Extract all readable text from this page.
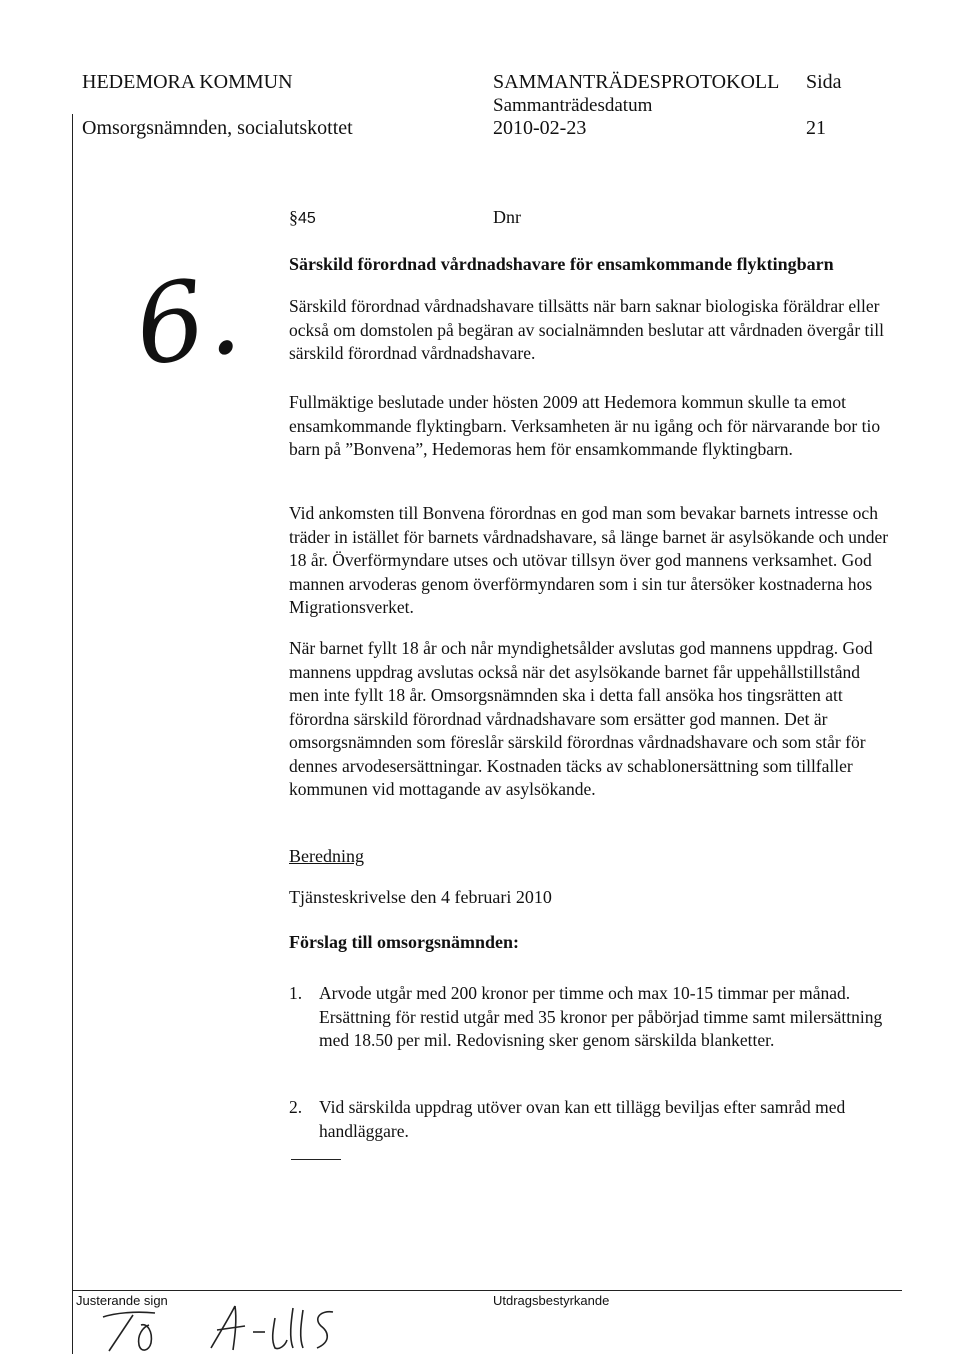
HEDEMORA KOMMUN
Omsorgsnämnden, socialutskottet
SAMMANTRÄDESPROTOKOLL
Sammanträdesdatum
2010-02-23
Sida
21
§45	Dnr
Särskild förordnad vårdnadshavare för ensamkommande flyktingbarn
6. Särskild förordnad vårdnadshavare tillsätts när barn saknar biologiska föräldrar eller också om domstolen på begäran av socialnämnden beslutar att vårdnaden övergår till särskild förordnad vårdnadshavare.

Fullmäktige beslutade under hösten 2009 att Hedemora kommun skulle ta emot ensamkommande flyktingbarn. Verksamheten är nu igång och för närvarande bor tio barn på ”Bonvena”, Hedemoras hem för ensamkommande flyktingbarn.

Vid ankomsten till Bonvena förordnas en god man som bevakar barnets intresse och träder in istället för barnets vårdnadshavare, så länge barnet är asylsökande och under 18 år. Överförmyndare utses och utövar tillsyn över god mannens verksamhet. God mannen arvoderas genom överförmyndaren som i sin tur återsöker kostnaderna hos Migrationsverket.

När barnet fyllt 18 år och når myndighetsålder avslutas god mannens uppdrag. God mannens uppdrag avslutas också när det asylsökande barnet får uppehållstillstånd men inte fyllt 18 år. Omsorgsnämnden ska i detta fall ansöka hos tingsrätten att förordna särskild förordnad vårdnadshavare som ersätter god mannen. Det är omsorgsnämnden som föreslår särskild förordnas vårdnadshavare och som står för dennes arvodesersättningar. Kostnaden täcks av schablonersättning som tillfaller kommunen vid mottagande av asylsökande.

Beredning
Tjänsteskrivelse den 4 februari 2010
Förslag till omsorgsnämnden:
1. Arvode utgår med 200 kronor per timme och max 10-15 timmar per månad. Ersättning för restid utgår med 35 kronor per påbörjad timme samt milersättning med 18.50 per mil. Redovisning sker genom särskilda blanketter.
2. Vid särskilda uppdrag utöver ovan kan ett tillägg beviljas efter samråd med handläggare.
Justerande sign	Utdragsbestyrkande
